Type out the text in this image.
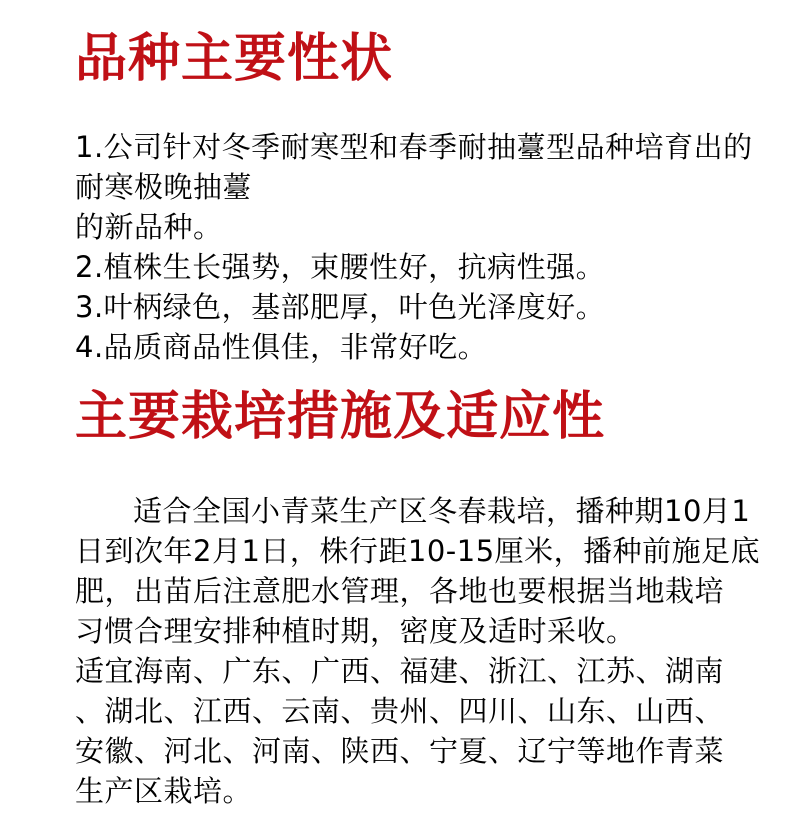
品种主要性状

1.公司针对冬季耐寒型和春季耐抽薹型品种培育出的

耐寒极晚抽薹

的新品种。

2.植株生长强势，束腰性好，抗病性强。

3.叶柄绿色，基部肥厚，叶色光泽度好。

4.品质商品性俱佳，非常好吃。

主要栽培措施及适应性

适合全国小青菜生产区冬春栽培，播种期10月1

日到次年2月1日，株行距10-15厘米，播种前施足底

肥，出苗后注意肥水管理，各地也要根据当地栽培

习惯合理安排种植时期，密度及适时采收。

适宜海南、广东、广西、福建、浙江、江苏、湖南

、湖北、江西、云南、贵州、四川、山东、山西、

安徽、河北、河南、陕西、宁夏、辽宁等地作青菜

生产区栽培。
